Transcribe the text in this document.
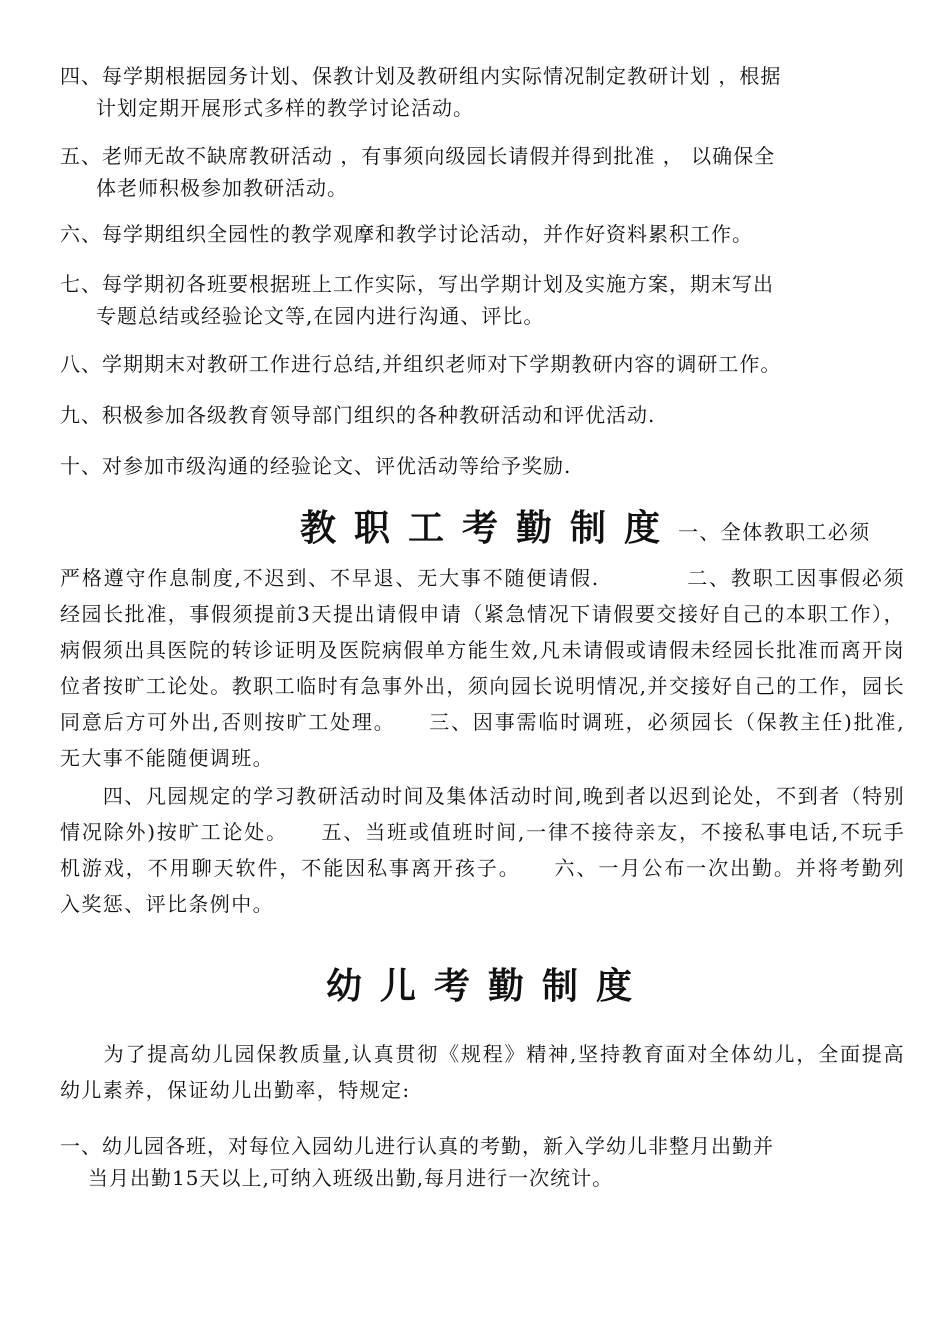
四、每学期根据园务计划、保教计划及教研组内实际情况制定教研计划 ，根据
计划定期开展形式多样的教学讨论活动。
五、老师无故不缺席教研活动 ，有事须向级园长请假并得到批准 ， 以确保全
体老师积极参加教研活动。
六、每学期组织全园性的教学观摩和教学讨论活动，并作好资料累积工作。
七、每学期初各班要根据班上工作实际，写出学期计划及实施方案，期末写出
专题总结或经验论文等,在园内进行沟通、评比。
八、学期期末对教研工作进行总结,并组织老师对下学期教研内容的调研工作。
九、积极参加各级教育领导部门组织的各种教研活动和评优活动.
十、对参加市级沟通的经验论文、评优活动等给予奖励.
教职工考勤制度 一、全体教职工必须
严格遵守作息制度,不迟到、不早退、无大事不随便请假.　　　　二、教职工因事假必须经园长批准，事假须提前3天提出请假申请（紧急情况下请假要交接好自己的本职工作），病假须出具医院的转诊证明及医院病假单方能生效,凡未请假或请假未经园长批准而离开岗位者按旷工论处。教职工临时有急事外出，须向园长说明情况,并交接好自己的工作，园长同意后方可外出,否则按旷工处理。　　三、因事需临时调班，必须园长（保教主任)批准,无大事不能随便调班。
　　四、凡园规定的学习教研活动时间及集体活动时间,晚到者以迟到论处，不到者（特别情况除外)按旷工论处。　　五、当班或值班时间,一律不接待亲友，不接私事电话,不玩手机游戏，不用聊天软件，不能因私事离开孩子。　　六、一月公布一次出勤。并将考勤列入奖惩、评比条例中。
幼儿考勤制度
　　为了提高幼儿园保教质量,认真贯彻《规程》精神,坚持教育面对全体幼儿，全面提高幼儿素养，保证幼儿出勤率，特规定:
一、幼儿园各班，对每位入园幼儿进行认真的考勤，新入学幼儿非整月出勤并
当月出勤15天以上,可纳入班级出勤,每月进行一次统计。
